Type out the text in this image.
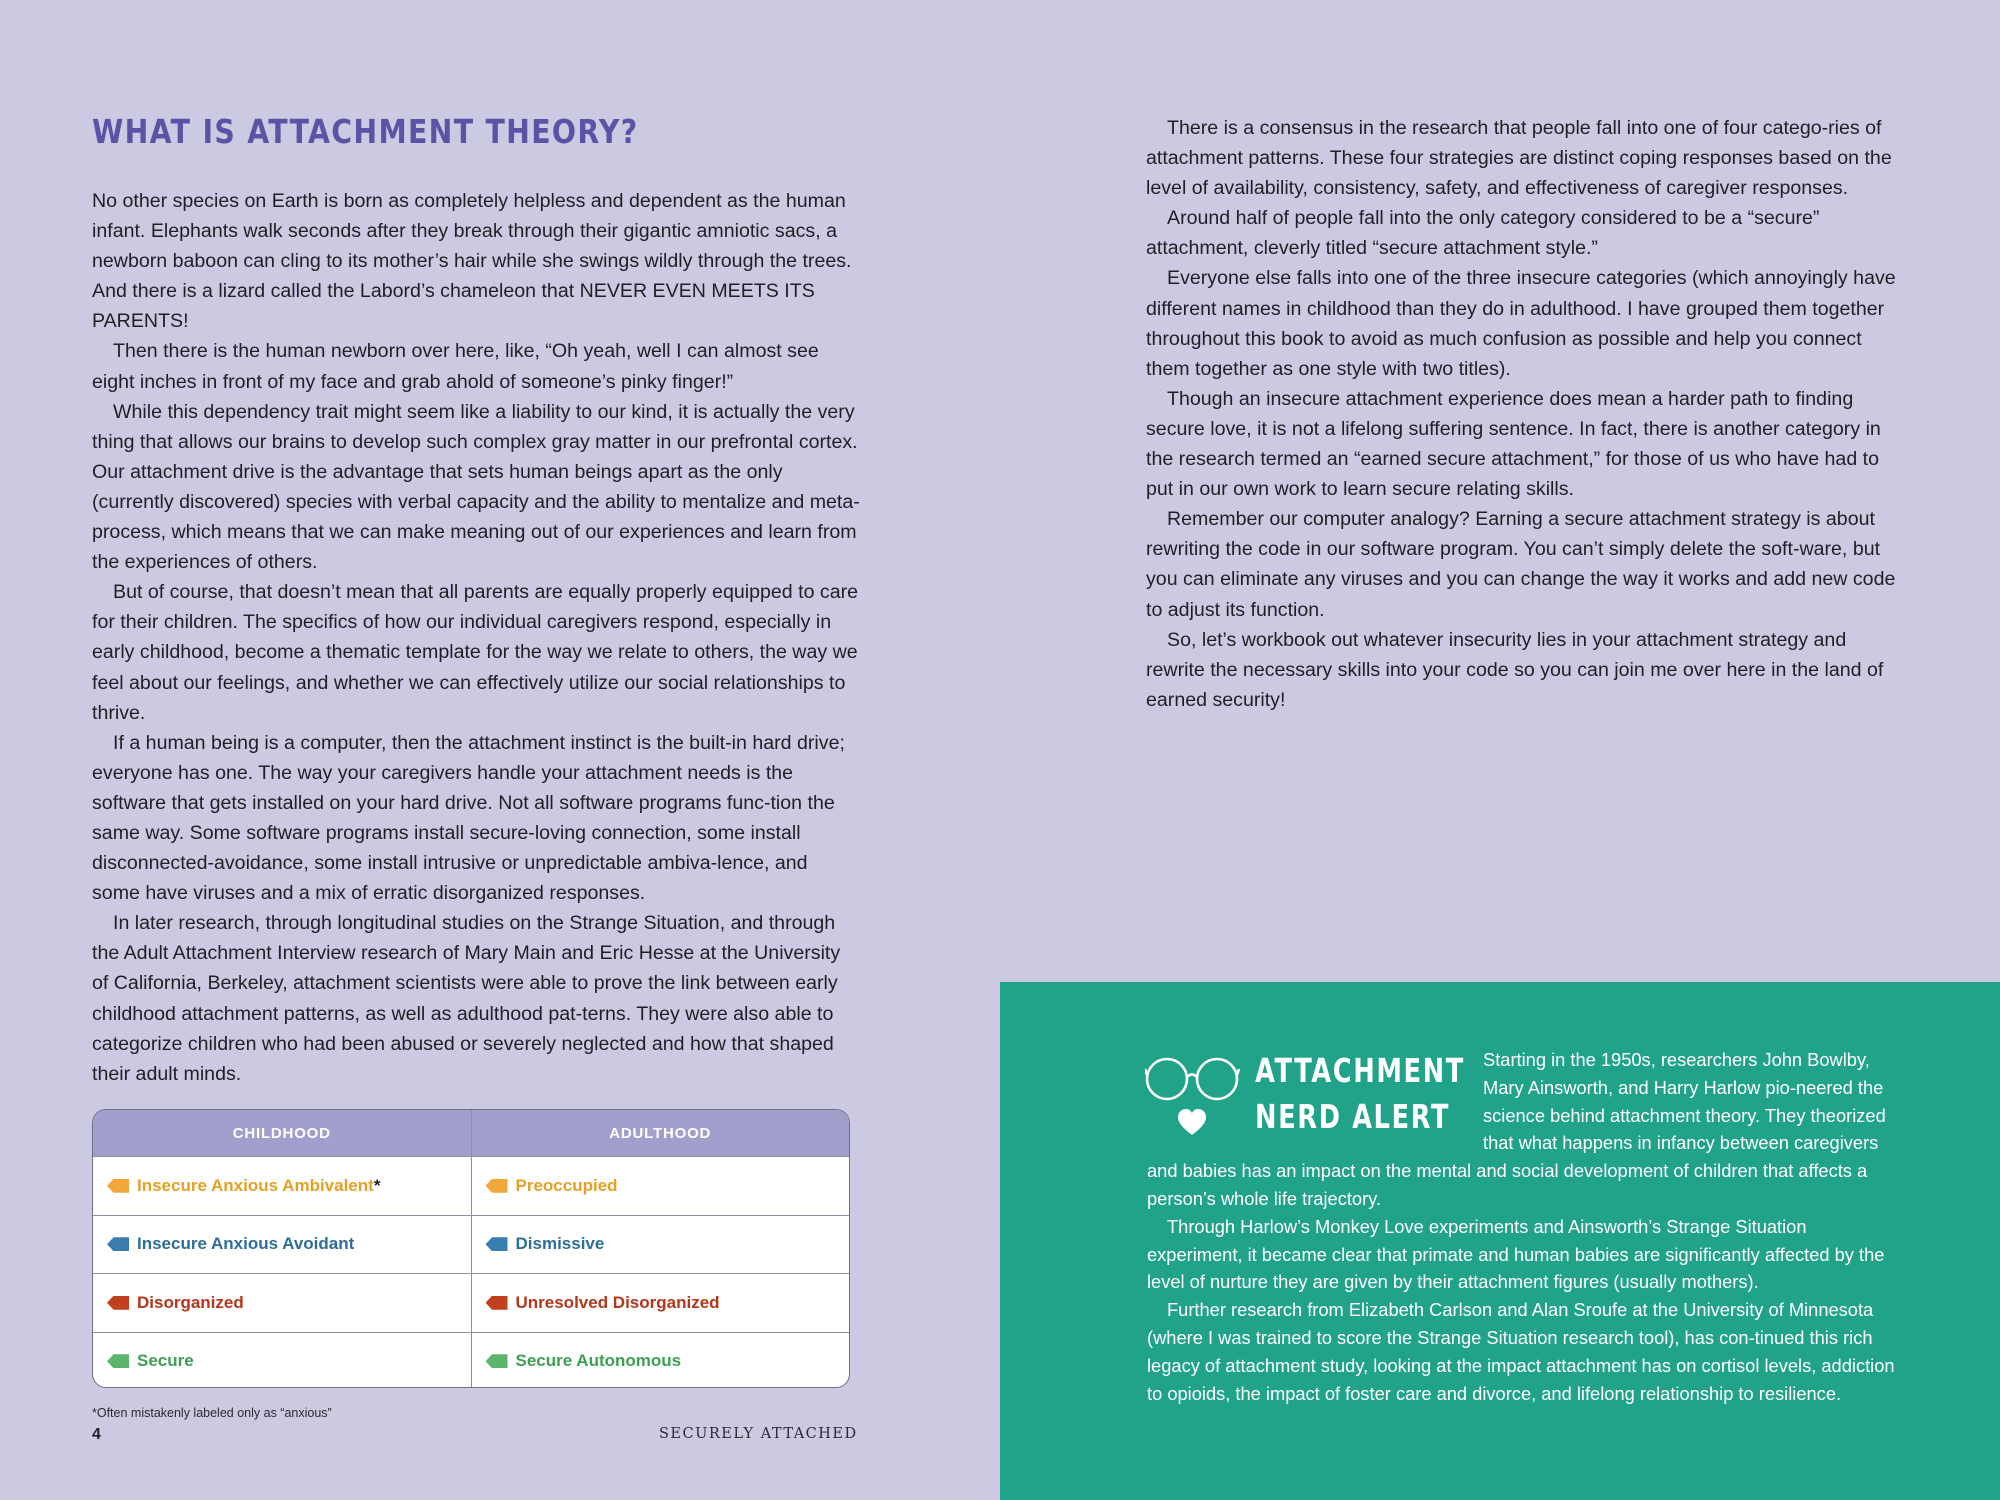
WHAT IS ATTACHMENT THEORY?

No other species on Earth is born as completely helpless and dependent as the human infant. Elephants walk seconds after they break through their gigantic amniotic sacs, a newborn baboon can cling to its mother’s hair while she swings wildly through the trees. And there is a lizard called the Labord’s chameleon that NEVER EVEN MEETS ITS PARENTS!

Then there is the human newborn over here, like, “Oh yeah, well I can almost see eight inches in front of my face and grab ahold of someone’s pinky finger!”

While this dependency trait might seem like a liability to our kind, it is actually the very thing that allows our brains to develop such complex gray matter in our prefrontal cortex. Our attachment drive is the advantage that sets human beings apart as the only (currently discovered) species with verbal capacity and the ability to mentalize and meta-process, which means that we can make meaning out of our experiences and learn from the experiences of others.

But of course, that doesn’t mean that all parents are equally properly equipped to care for their children. The specifics of how our individual caregivers respond, especially in early childhood, become a thematic template for the way we relate to others, the way we feel about our feelings, and whether we can effectively utilize our social relationships to thrive.

If a human being is a computer, then the attachment instinct is the built-in hard drive; everyone has one. The way your caregivers handle your attachment needs is the software that gets installed on your hard drive. Not all software programs func-tion the same way. Some software programs install secure-loving connection, some install disconnected-avoidance, some install intrusive or unpredictable ambiva-lence, and some have viruses and a mix of erratic disorganized responses.

In later research, through longitudinal studies on the Strange Situation, and through the Adult Attachment Interview research of Mary Main and Eric Hesse at the University of California, Berkeley, attachment scientists were able to prove the link between early childhood attachment patterns, as well as adulthood pat-terns. They were also able to categorize children who had been abused or severely neglected and how that shaped their adult minds.

CHILDHOOD	ADULTHOOD
Insecure Anxious Ambivalent *	Preoccupied
Insecure Anxious Avoidant	Dismissive
Disorganized	Unresolved Disorganized
Secure	Secure Autonomous
*Often mistakenly labeled only as “anxious”
4	SECURELY ATTACHED

There is a consensus in the research that people fall into one of four catego-ries of attachment patterns. These four strategies are distinct coping responses based on the level of availability, consistency, safety, and effectiveness of caregiver responses.

Around half of people fall into the only category considered to be a “secure” attachment, cleverly titled “secure attachment style.”

Everyone else falls into one of the three insecure categories (which annoyingly have different names in childhood than they do in adulthood. I have grouped them together throughout this book to avoid as much confusion as possible and help you connect them together as one style with two titles).

Though an insecure attachment experience does mean a harder path to finding secure love, it is not a lifelong suffering sentence. In fact, there is another category in the research termed an “earned secure attachment,” for those of us who have had to put in our own work to learn secure relating skills.

Remember our computer analogy? Earning a secure attachment strategy is about rewriting the code in our software program. You can’t simply delete the soft-ware, but you can eliminate any viruses and you can change the way it works and add new code to adjust its function.

So, let’s workbook out whatever insecurity lies in your attachment strategy and rewrite the necessary skills into your code so you can join me over here in the land of earned security!

ATTACHMENT
NERD ALERT

Starting in the 1950s, researchers John Bowlby, Mary Ainsworth, and Harry Harlow pio-neered the science behind attachment theory. They theorized that what happens in infancy between caregivers and babies has an impact on the mental and social development of children that affects a person’s whole life trajectory.

Through Harlow’s Monkey Love experiments and Ainsworth’s Strange Situation experiment, it became clear that primate and human babies are significantly affected by the level of nurture they are given by their attachment figures (usually mothers).

Further research from Elizabeth Carlson and Alan Sroufe at the University of Minnesota (where I was trained to score the Strange Situation research tool), has con-tinued this rich legacy of attachment study, looking at the impact attachment has on cortisol levels, addiction to opioids, the impact of foster care and divorce, and lifelong relationship to resilience.
